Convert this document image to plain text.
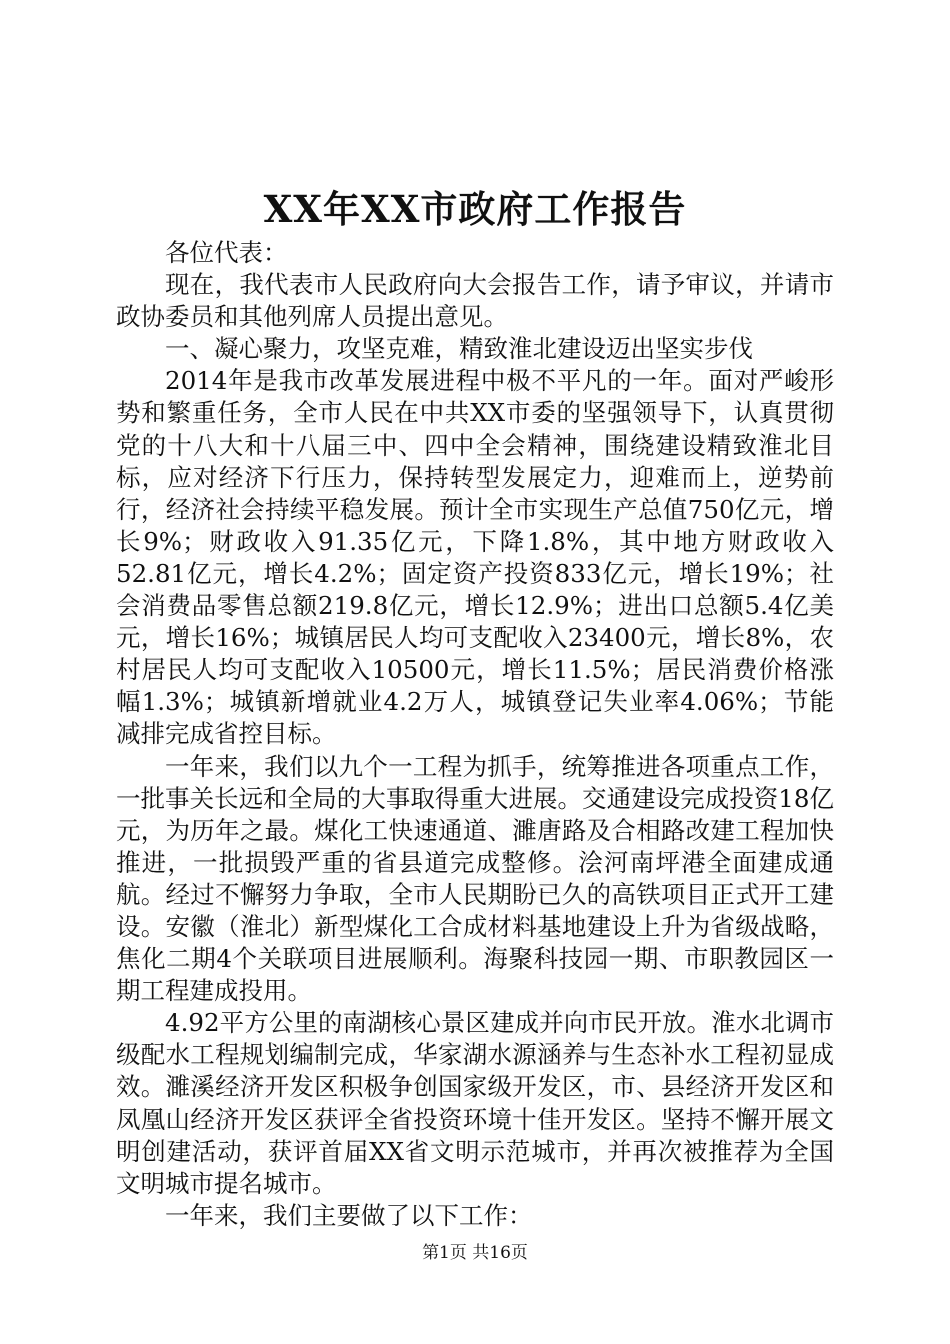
XX年XX市政府工作报告

各位代表：

现在，我代表市人民政府向大会报告工作，请予审议，并请市政协委员和其他列席人员提出意见。

一、凝心聚力，攻坚克难，精致淮北建设迈出坚实步伐

2014年是我市改革发展进程中极不平凡的一年。面对严峻形势和繁重任务，全市人民在中共XX市委的坚强领导下，认真贯彻党的十八大和十八届三中、四中全会精神，围绕建设精致淮北目标，应对经济下行压力，保持转型发展定力，迎难而上，逆势前行，经济社会持续平稳发展。预计全市实现生产总值750亿元，增长9%；财政收入91.35亿元，下降1.8%，其中地方财政收入52.81亿元，增长4.2%；固定资产投资833亿元，增长19%；社会消费品零售总额219.8亿元，增长12.9%；进出口总额5.4亿美元，增长16%；城镇居民人均可支配收入23400元，增长8%，农村居民人均可支配收入10500元，增长11.5%；居民消费价格涨幅1.3%；城镇新增就业4.2万人，城镇登记失业率4.06%；节能减排完成省控目标。

一年来，我们以九个一工程为抓手，统筹推进各项重点工作，一批事关长远和全局的大事取得重大进展。交通建设完成投资18亿元，为历年之最。煤化工快速通道、濉唐路及合相路改建工程加快推进，一批损毁严重的省县道完成整修。浍河南坪港全面建成通航。经过不懈努力争取，全市人民期盼已久的高铁项目正式开工建设。安徽（淮北）新型煤化工合成材料基地建设上升为省级战略，焦化二期4个关联项目进展顺利。海聚科技园一期、市职教园区一期工程建成投用。

4.92平方公里的南湖核心景区建成并向市民开放。淮水北调市级配水工程规划编制完成，华家湖水源涵养与生态补水工程初显成效。濉溪经济开发区积极争创国家级开发区，市、县经济开发区和凤凰山经济开发区获评全省投资环境十佳开发区。坚持不懈开展文明创建活动，获评首届XX省文明示范城市，并再次被推荐为全国文明城市提名城市。

一年来，我们主要做了以下工作：

第1页 共16页
